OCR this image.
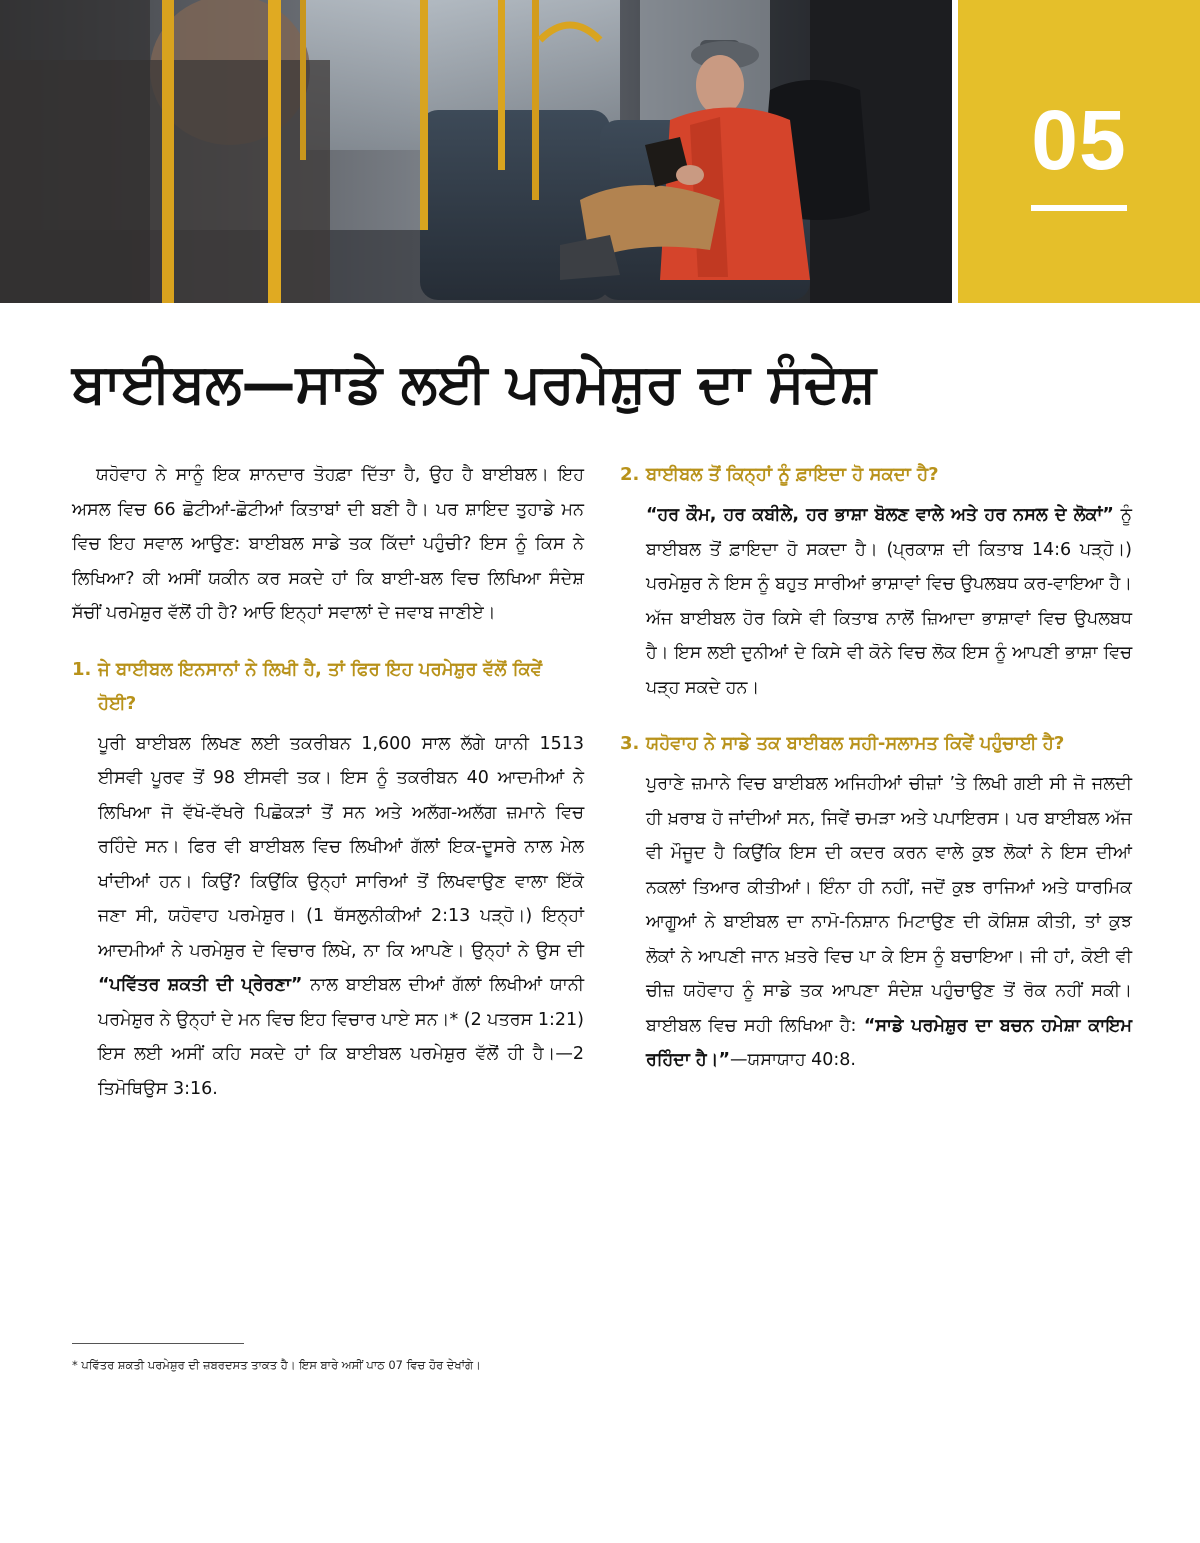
05
ਬਾਈਬਲ—ਸਾਡੇ ਲਈ ਪਰਮੇਸ਼ੁਰ ਦਾ ਸੰਦੇਸ਼

ਯਹੋਵਾਹ ਨੇ ਸਾਨੂੰ ਇਕ ਸ਼ਾਨਦਾਰ ਤੋਹਫ਼ਾ ਦਿੱਤਾ ਹੈ, ਉਹ ਹੈ ਬਾਈਬਲ। ਇਹ ਅਸਲ ਵਿਚ 66 ਛੋਟੀਆਂ-ਛੋਟੀਆਂ ਕਿਤਾਬਾਂ ਦੀ ਬਣੀ ਹੈ। ਪਰ ਸ਼ਾਇਦ ਤੁਹਾਡੇ ਮਨ ਵਿਚ ਇਹ ਸਵਾਲ ਆਉਣ: ਬਾਈਬਲ ਸਾਡੇ ਤਕ ਕਿੱਦਾਂ ਪਹੁੰਚੀ? ਇਸ ਨੂੰ ਕਿਸ ਨੇ ਲਿਖਿਆ? ਕੀ ਅਸੀਂ ਯਕੀਨ ਕਰ ਸਕਦੇ ਹਾਂ ਕਿ ਬਾਈ-ਬਲ ਵਿਚ ਲਿਖਿਆ ਸੰਦੇਸ਼ ਸੱਚੀਂ ਪਰਮੇਸ਼ੁਰ ਵੱਲੋਂ ਹੀ ਹੈ? ਆਓ ਇਨ੍ਹਾਂ ਸਵਾਲਾਂ ਦੇ ਜਵਾਬ ਜਾਣੀਏ।

1. ਜੇ ਬਾਈਬਲ ਇਨਸਾਨਾਂ ਨੇ ਲਿਖੀ ਹੈ, ਤਾਂ ਫਿਰ ਇਹ ਪਰਮੇਸ਼ੁਰ ਵੱਲੋਂ ਕਿਵੇਂ ਹੋਈ?

ਪੂਰੀ ਬਾਈਬਲ ਲਿਖਣ ਲਈ ਤਕਰੀਬਨ 1,600 ਸਾਲ ਲੱਗੇ ਯਾਨੀ 1513 ਈਸਵੀ ਪੂਰਵ ਤੋਂ 98 ਈਸਵੀ ਤਕ। ਇਸ ਨੂੰ ਤਕਰੀਬਨ 40 ਆਦਮੀਆਂ ਨੇ ਲਿਖਿਆ ਜੋ ਵੱਖੋ-ਵੱਖਰੇ ਪਿਛੋਕੜਾਂ ਤੋਂ ਸਨ ਅਤੇ ਅਲੱਗ-ਅਲੱਗ ਜ਼ਮਾਨੇ ਵਿਚ ਰਹਿੰਦੇ ਸਨ। ਫਿਰ ਵੀ ਬਾਈਬਲ ਵਿਚ ਲਿਖੀਆਂ ਗੱਲਾਂ ਇਕ-ਦੂਸਰੇ ਨਾਲ ਮੇਲ ਖਾਂਦੀਆਂ ਹਨ। ਕਿਉਂ? ਕਿਉਂਕਿ ਉਨ੍ਹਾਂ ਸਾਰਿਆਂ ਤੋਂ ਲਿਖਵਾਉਣ ਵਾਲਾ ਇੱਕੋ ਜਣਾ ਸੀ, ਯਹੋਵਾਹ ਪਰਮੇਸ਼ੁਰ। (1 ਥੱਸਲੁਨੀਕੀਆਂ 2:13 ਪੜ੍ਹੋ।) ਇਨ੍ਹਾਂ ਆਦਮੀਆਂ ਨੇ ਪਰਮੇਸ਼ੁਰ ਦੇ ਵਿਚਾਰ ਲਿਖੇ, ਨਾ ਕਿ ਆਪਣੇ। ਉਨ੍ਹਾਂ ਨੇ ਉਸ ਦੀ “ਪਵਿੱਤਰ ਸ਼ਕਤੀ ਦੀ ਪ੍ਰੇਰਣਾ” ਨਾਲ ਬਾਈਬਲ ਦੀਆਂ ਗੱਲਾਂ ਲਿਖੀਆਂ ਯਾਨੀ ਪਰਮੇਸ਼ੁਰ ਨੇ ਉਨ੍ਹਾਂ ਦੇ ਮਨ ਵਿਚ ਇਹ ਵਿਚਾਰ ਪਾਏ ਸਨ।* (2 ਪਤਰਸ 1:21) ਇਸ ਲਈ ਅਸੀਂ ਕਹਿ ਸਕਦੇ ਹਾਂ ਕਿ ਬਾਈਬਲ ਪਰਮੇਸ਼ੁਰ ਵੱਲੋਂ ਹੀ ਹੈ।—2 ਤਿਮੋਥਿਉਸ 3:16.

2. ਬਾਈਬਲ ਤੋਂ ਕਿਨ੍ਹਾਂ ਨੂੰ ਫ਼ਾਇਦਾ ਹੋ ਸਕਦਾ ਹੈ?

“ਹਰ ਕੌਮ, ਹਰ ਕਬੀਲੇ, ਹਰ ਭਾਸ਼ਾ ਬੋਲਣ ਵਾਲੇ ਅਤੇ ਹਰ ਨਸਲ ਦੇ ਲੋਕਾਂ” ਨੂੰ ਬਾਈਬਲ ਤੋਂ ਫ਼ਾਇਦਾ ਹੋ ਸਕਦਾ ਹੈ। (ਪ੍ਰਕਾਸ਼ ਦੀ ਕਿਤਾਬ 14:6 ਪੜ੍ਹੋ।) ਪਰਮੇਸ਼ੁਰ ਨੇ ਇਸ ਨੂੰ ਬਹੁਤ ਸਾਰੀਆਂ ਭਾਸ਼ਾਵਾਂ ਵਿਚ ਉਪਲਬਧ ਕਰ-ਵਾਇਆ ਹੈ। ਅੱਜ ਬਾਈਬਲ ਹੋਰ ਕਿਸੇ ਵੀ ਕਿਤਾਬ ਨਾਲੋਂ ਜ਼ਿਆਦਾ ਭਾਸ਼ਾਵਾਂ ਵਿਚ ਉਪਲਬਧ ਹੈ। ਇਸ ਲਈ ਦੁਨੀਆਂ ਦੇ ਕਿਸੇ ਵੀ ਕੋਨੇ ਵਿਚ ਲੋਕ ਇਸ ਨੂੰ ਆਪਣੀ ਭਾਸ਼ਾ ਵਿਚ ਪੜ੍ਹ ਸਕਦੇ ਹਨ।

3. ਯਹੋਵਾਹ ਨੇ ਸਾਡੇ ਤਕ ਬਾਈਬਲ ਸਹੀ-ਸਲਾਮਤ ਕਿਵੇਂ ਪਹੁੰਚਾਈ ਹੈ?

ਪੁਰਾਣੇ ਜ਼ਮਾਨੇ ਵਿਚ ਬਾਈਬਲ ਅਜਿਹੀਆਂ ਚੀਜ਼ਾਂ ’ਤੇ ਲਿਖੀ ਗਈ ਸੀ ਜੋ ਜਲਦੀ ਹੀ ਖ਼ਰਾਬ ਹੋ ਜਾਂਦੀਆਂ ਸਨ, ਜਿਵੇਂ ਚਮੜਾ ਅਤੇ ਪਪਾਇਰਸ। ਪਰ ਬਾਈਬਲ ਅੱਜ ਵੀ ਮੌਜੂਦ ਹੈ ਕਿਉਂਕਿ ਇਸ ਦੀ ਕਦਰ ਕਰਨ ਵਾਲੇ ਕੁਝ ਲੋਕਾਂ ਨੇ ਇਸ ਦੀਆਂ ਨਕਲਾਂ ਤਿਆਰ ਕੀਤੀਆਂ। ਇੰਨਾ ਹੀ ਨਹੀਂ, ਜਦੋਂ ਕੁਝ ਰਾਜਿਆਂ ਅਤੇ ਧਾਰਮਿਕ ਆਗੂਆਂ ਨੇ ਬਾਈਬਲ ਦਾ ਨਾਮੋ-ਨਿਸ਼ਾਨ ਮਿਟਾਉਣ ਦੀ ਕੋਸ਼ਿਸ਼ ਕੀਤੀ, ਤਾਂ ਕੁਝ ਲੋਕਾਂ ਨੇ ਆਪਣੀ ਜਾਨ ਖ਼ਤਰੇ ਵਿਚ ਪਾ ਕੇ ਇਸ ਨੂੰ ਬਚਾਇਆ। ਜੀ ਹਾਂ, ਕੋਈ ਵੀ ਚੀਜ਼ ਯਹੋਵਾਹ ਨੂੰ ਸਾਡੇ ਤਕ ਆਪਣਾ ਸੰਦੇਸ਼ ਪਹੁੰਚਾਉਣ ਤੋਂ ਰੋਕ ਨਹੀਂ ਸਕੀ। ਬਾਈਬਲ ਵਿਚ ਸਹੀ ਲਿਖਿਆ ਹੈ: “ਸਾਡੇ ਪਰਮੇਸ਼ੁਰ ਦਾ ਬਚਨ ਹਮੇਸ਼ਾ ਕਾਇਮ ਰਹਿੰਦਾ ਹੈ।”—ਯਸਾਯਾਹ 40:8.

* ਪਵਿੱਤਰ ਸ਼ਕਤੀ ਪਰਮੇਸ਼ੁਰ ਦੀ ਜ਼ਬਰਦਸਤ ਤਾਕਤ ਹੈ। ਇਸ ਬਾਰੇ ਅਸੀਂ ਪਾਠ 07 ਵਿਚ ਹੋਰ ਦੇਖਾਂਗੇ।
